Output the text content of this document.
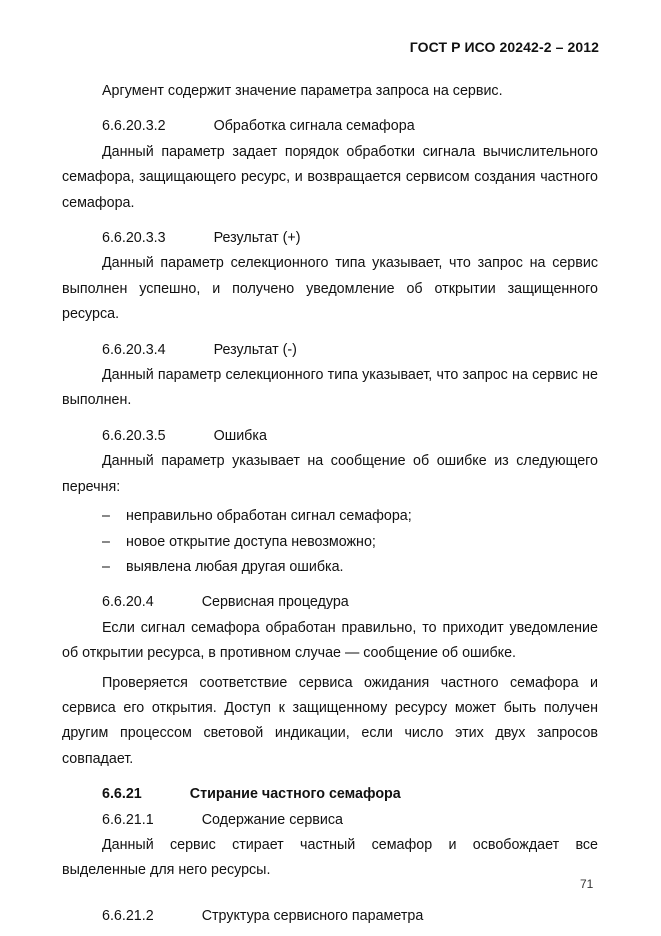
ГОСТ Р ИСО 20242-2 – 2012

Аргумент содержит значение параметра запроса на сервис.

6.6.20.3.2	Обработка сигнала семафора

Данный параметр задает порядок обработки сигнала вычислительного семафора, защищающего ресурс, и возвращается сервисом создания частного семафора.

6.6.20.3.3	Результат (+)

Данный параметр селекционного типа указывает, что запрос на сервис выполнен успешно, и получено уведомление об открытии защищенного ресурса.

6.6.20.3.4	Результат (-)

Данный параметр селекционного типа указывает, что запрос на сервис не выполнен.

6.6.20.3.5	Ошибка

Данный параметр указывает на сообщение об ошибке из следующего перечня:

– неправильно обработан сигнал семафора;

– новое открытие доступа невозможно;

– выявлена любая другая ошибка.

6.6.20.4	Сервисная процедура

Если сигнал семафора обработан правильно, то приходит уведомление об открытии ресурса, в противном случае — сообщение об ошибке.

Проверяется соответствие сервиса ожидания частного семафора и сервиса его открытия. Доступ к защищенному ресурсу может быть получен другим процессом световой индикации, если число этих двух запросов совпадает.

6.6.21	Стирание частного семафора

6.6.21.1	Содержание сервиса

Данный сервис стирает частный семафор и освобождает все выделенные для него ресурсы.

6.6.21.2	Структура сервисного параметра

71
